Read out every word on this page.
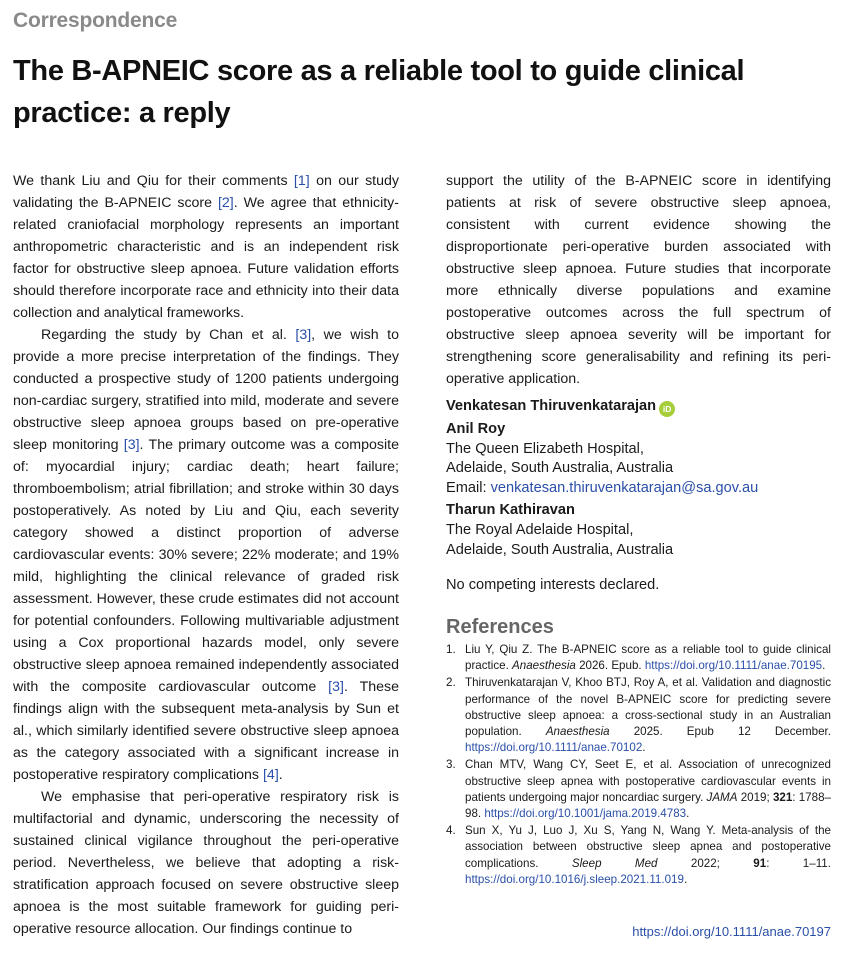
Correspondence
The B-APNEIC score as a reliable tool to guide clinical practice: a reply

We thank Liu and Qiu for their comments [1] on our study validating the B-APNEIC score [2]. We agree that ethnicity-related craniofacial morphology represents an important anthropometric characteristic and is an independent risk factor for obstructive sleep apnoea. Future validation efforts should therefore incorporate race and ethnicity into their data collection and analytical frameworks.

Regarding the study by Chan et al. [3], we wish to provide a more precise interpretation of the findings. They conducted a prospective study of 1200 patients undergoing non-cardiac surgery, stratified into mild, moderate and severe obstructive sleep apnoea groups based on pre-operative sleep monitoring [3]. The primary outcome was a composite of: myocardial injury; cardiac death; heart failure; thromboembolism; atrial fibrillation; and stroke within 30 days postoperatively. As noted by Liu and Qiu, each severity category showed a distinct proportion of adverse cardiovascular events: 30% severe; 22% moderate; and 19% mild, highlighting the clinical relevance of graded risk assessment. However, these crude estimates did not account for potential confounders. Following multivariable adjustment using a Cox proportional hazards model, only severe obstructive sleep apnoea remained independently associated with the composite cardiovascular outcome [3]. These findings align with the subsequent meta-analysis by Sun et al., which similarly identified severe obstructive sleep apnoea as the category associated with a significant increase in postoperative respiratory complications [4].

We emphasise that peri-operative respiratory risk is multifactorial and dynamic, underscoring the necessity of sustained clinical vigilance throughout the peri-operative period. Nevertheless, we believe that adopting a risk-stratification approach focused on severe obstructive sleep apnoea is the most suitable framework for guiding peri-operative resource allocation. Our findings continue to

support the utility of the B-APNEIC score in identifying patients at risk of severe obstructive sleep apnoea, consistent with current evidence showing the disproportionate peri-operative burden associated with obstructive sleep apnoea. Future studies that incorporate more ethnically diverse populations and examine postoperative outcomes across the full spectrum of obstructive sleep apnoea severity will be important for strengthening score generalisability and refining its peri-operative application.

Venkatesan Thiruvenkatarajan iD
Anil Roy
The Queen Elizabeth Hospital,
Adelaide, South Australia, Australia
Email: venkatesan.thiruvenkatarajan@sa.gov.au
Tharun Kathiravan
The Royal Adelaide Hospital,
Adelaide, South Australia, Australia
No competing interests declared.
References
1. Liu Y, Qiu Z. The B-APNEIC score as a reliable tool to guide clinical practice. Anaesthesia 2026. Epub. https://doi.org/10.1111/anae.70195.
2. Thiruvenkatarajan V, Khoo BTJ, Roy A, et al. Validation and diagnostic performance of the novel B-APNEIC score for predicting severe obstructive sleep apnoea: a cross-sectional study in an Australian population. Anaesthesia 2025. Epub 12 December. https://doi.org/10.1111/anae.70102.
3. Chan MTV, Wang CY, Seet E, et al. Association of unrecognized obstructive sleep apnea with postoperative cardiovascular events in patients undergoing major noncardiac surgery. JAMA 2019; 321: 1788–98. https://doi.org/10.1001/jama.2019.4783.
4. Sun X, Yu J, Luo J, Xu S, Yang N, Wang Y. Meta-analysis of the association between obstructive sleep apnea and postoperative complications. Sleep Med 2022; 91: 1–11. https://doi.org/10.1016/j.sleep.2021.11.019.
https://doi.org/10.1111/anae.70197
